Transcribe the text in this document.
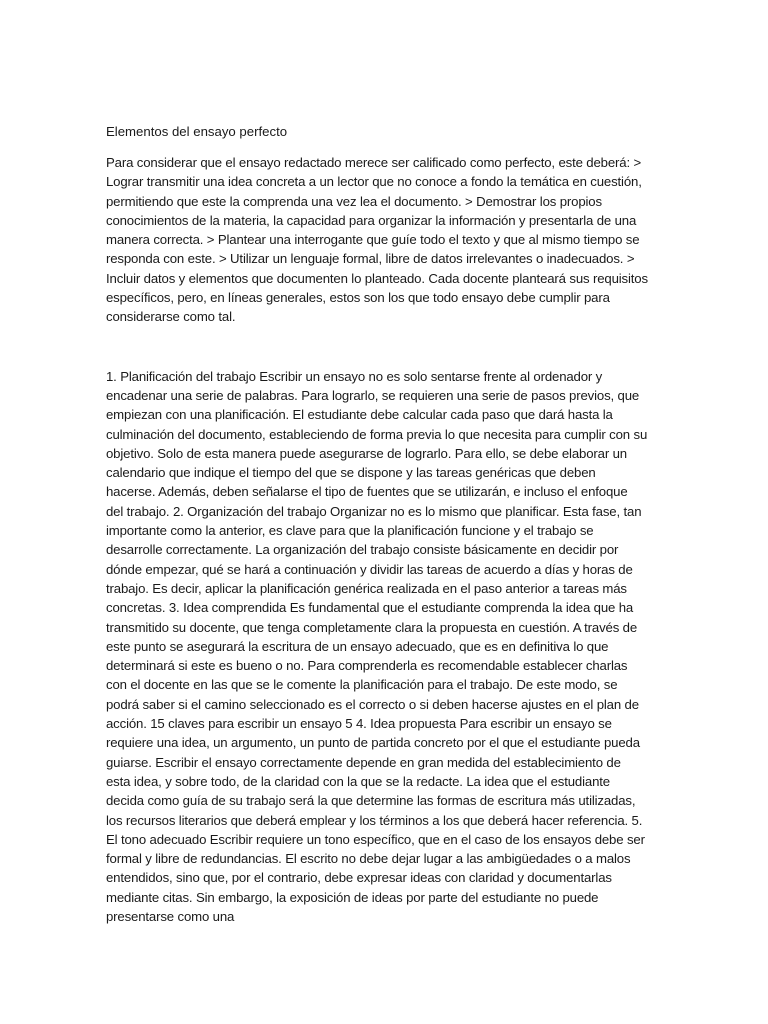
Elementos del ensayo perfecto

Para considerar que el ensayo redactado merece ser calificado como perfecto, este deberá: > Lograr transmitir una idea concreta a un lector que no conoce a fondo la temática en cuestión, permitiendo que este la comprenda una vez lea el documento. > Demostrar los propios conocimientos de la materia, la capacidad para organizar la información y presentarla de una manera correcta. > Plantear una interrogante que guíe todo el texto y que al mismo tiempo se responda con este. > Utilizar un lenguaje formal, libre de datos irrelevantes o inadecuados. > Incluir datos y elementos que documenten lo planteado. Cada docente planteará sus requisitos específicos, pero, en líneas generales, estos son los que todo ensayo debe cumplir para considerarse como tal.

1. Planificación del trabajo Escribir un ensayo no es solo sentarse frente al ordenador y encadenar una serie de palabras. Para lograrlo, se requieren una serie de pasos previos, que empiezan con una planificación. El estudiante debe calcular cada paso que dará hasta la culminación del documento, estableciendo de forma previa lo que necesita para cumplir con su objetivo. Solo de esta manera puede asegurarse de lograrlo. Para ello, se debe elaborar un calendario que indique el tiempo del que se dispone y las tareas genéricas que deben hacerse. Además, deben señalarse el tipo de fuentes que se utilizarán, e incluso el enfoque del trabajo. 2. Organización del trabajo Organizar no es lo mismo que planificar. Esta fase, tan importante como la anterior, es clave para que la planificación funcione y el trabajo se desarrolle correctamente. La organización del trabajo consiste básicamente en decidir por dónde empezar, qué se hará a continuación y dividir las tareas de acuerdo a días y horas de trabajo. Es decir, aplicar la planificación genérica realizada en el paso anterior a tareas más concretas. 3. Idea comprendida Es fundamental que el estudiante comprenda la idea que ha transmitido su docente, que tenga completamente clara la propuesta en cuestión. A través de este punto se asegurará la escritura de un ensayo adecuado, que es en definitiva lo que determinará si este es bueno o no. Para comprenderla es recomendable establecer charlas con el docente en las que se le comente la planificación para el trabajo. De este modo, se podrá saber si el camino seleccionado es el correcto o si deben hacerse ajustes en el plan de acción. 15 claves para escribir un ensayo 5 4. Idea propuesta Para escribir un ensayo se requiere una idea, un argumento, un punto de partida concreto por el que el estudiante pueda guiarse. Escribir el ensayo correctamente depende en gran medida del establecimiento de esta idea, y sobre todo, de la claridad con la que se la redacte. La idea que el estudiante decida como guía de su trabajo será la que determine las formas de escritura más utilizadas, los recursos literarios que deberá emplear y los términos a los que deberá hacer referencia. 5. El tono adecuado Escribir requiere un tono específico, que en el caso de los ensayos debe ser formal y libre de redundancias. El escrito no debe dejar lugar a las ambigüedades o a malos entendidos, sino que, por el contrario, debe expresar ideas con claridad y documentarlas mediante citas. Sin embargo, la exposición de ideas por parte del estudiante no puede presentarse como una
